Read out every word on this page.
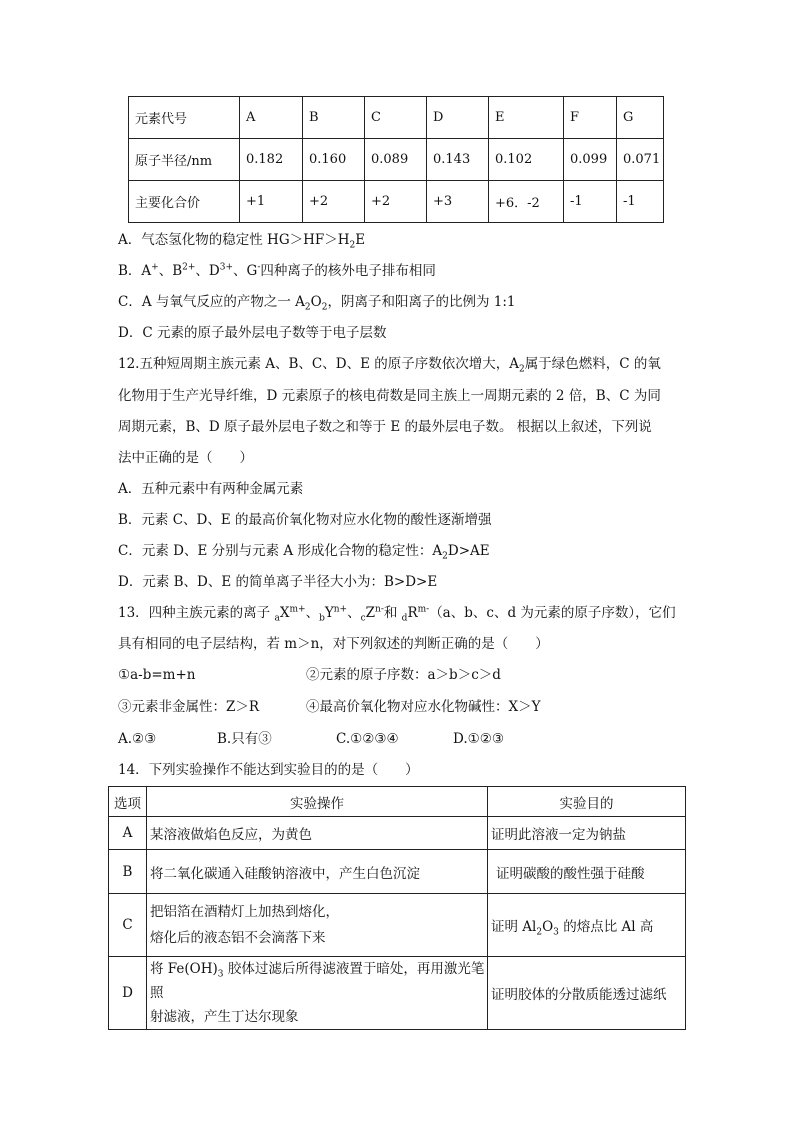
元素代号	A	B	C	D	E	F	G
原子半径/nm	0.182	0.160	0.089	0.143	0.102	0.099	0.071
主要化合价	+1	+2	+2	+3	+6．-2	-1	-1
A．气态氢化物的稳定性 $HG>HF>H_2E$
B．A+、$B^{2+}$、$D^{3+}$、G-四种离子的核外电子排布相同
C．A 与氧气反应的产物之一 $A_2O_2$，阴离子和阳离子的比例为 1:1
D．C 元素的原子最外层电子数等于电子层数
12.五种短周期主族元素 A、B、C、D、E 的原子序数依次增大，$A_2$属于绿色燃料，C 的氧
化物用于生产光导纤维，D 元素原子的核电荷数是同主族上一周期元素的 2 倍，B、C 为同
周期元素，B、D 原子最外层电子数之和等于 E 的最外层电子数。 根据以上叙述，下列说
法中正确的是（　　）
A．五种元素中有两种金属元素
B．元素 C、D、E 的最高价氧化物对应水化物的酸性逐渐增强
C．元素 D、E 分别与元素 A 形成化合物的稳定性：$A_2D>AE$
D．元素 B、D、E 的简单离子半径大小为：B>D>E
13．四种主族元素的离子 $_aX^{m+}$、$_bY^{n+}$、$_cZ^{n-}$和 $_dR^{m-}(a$、b、c、d 为元素的原子序数），它们
具有相同的电子层结构，若 m＞n，对下列叙述的判断正确的是（　　）
①a-b=m+n	②元素的原子序数：a＞b＞c＞d
③元素非金属性：Z＞R	④最高价氧化物对应水化物碱性：X＞Y
A.②③	B.只有③	C.①②③④	D.①②③
14．下列实验操作不能达到实验目的的是（　　）
选项	实验操作	实验目的
A	某溶液做焰色反应，为黄色	证明此溶液一定为钠盐
B	将二氧化碳通入硅酸钠溶液中，产生白色沉淀	证明碳酸的酸性强于硅酸
C	把铝箔在酒精灯上加热到熔化，
熔化后的液态铝不会滴落下来	证明 $Al_2O_3$ 的熔点比 Al 高
D	将 $Fe(OH)_3$ 胶体过滤后所得滤液置于暗处，再用激光笔照
射滤液，产生丁达尔现象	证明胶体的分散质能透过滤纸
